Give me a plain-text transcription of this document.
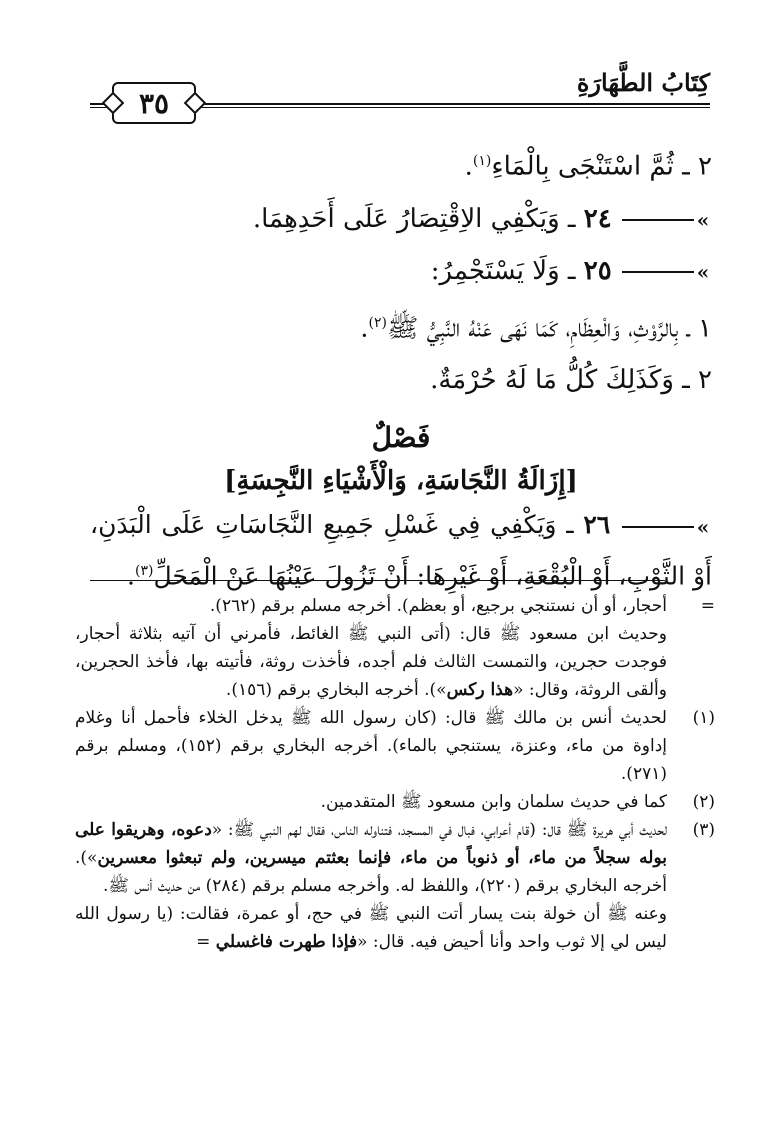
كِتَابُ الطَّهَارَةِ
٣٥
٢ ـ ثُمَّ اسْتَنْجَى بِالْمَاءِ$^{(١)}$.
»
٢٤ ـ وَيَكْفِي الاِقْتِصَارُ عَلَى أَحَدِهِمَا.
»
٢٥ ـ وَلَا يَسْتَجْمِرُ:
١ ـ بِالرَّوْثِ، وَالْعِظَامِ، كَمَا نَهَى عَنْهُ النَّبِيُّ ﷺ$^{(٢)}$.
٢ ـ وَكَذَلِكَ كُلُّ مَا لَهُ حُرْمَةٌ.
فَصْلٌ
[إِزَالَةُ النَّجَاسَةِ، وَالْأَشْيَاءِ النَّجِسَةِ]
»
٢٦ ـ وَيَكْفِي فِي غَسْلِ جَمِيعِ النَّجَاسَاتِ عَلَى الْبَدَنِ، أَوْ الثَّوْبِ، أَوْ الْبُقْعَةِ، أَوْ غَيْرِهَا: أَنْ تَزُولَ عَيْنُهَا عَنْ الْمَحَلِّ$^{(٣)}$.
=
أحجار، أو أن نستنجي برجيع، أو بعظم). أخرجه مسلم برقم (٢٦٢).
وحديث ابن مسعود ﷺ قال: (أتى النبي ﷺ الغائط، فأمرني أن آتيه بثلاثة أحجار، فوجدت حجرين، والتمست الثالث فلم أجده، فأخذت روثة، فأتيته بها، فأخذ الحجرين، وألقى الروثة، وقال: «هذا ركس»). أخرجه البخاري برقم (١٥٦).
(١)
لحديث أنس بن مالك ﷺ قال: (كان رسول الله ﷺ يدخل الخلاء فأحمل أنا وغلام إداوة من ماء، وعنزة، يستنجي بالماء). أخرجه البخاري برقم (١٥٢)، ومسلم برقم (٢٧١).
(٢)
كما في حديث سلمان وابن مسعود ﷺ المتقدمين.
(٣)
لحديث أبي هريرة ﷺ قال: (قام أعرابي، فبال في المسجد، فتناوله الناس، فقال لهم النبي ﷺ: «دعوه، وهريقوا على بوله سجلاً من ماء، أو ذنوباً من ماء، فإنما بعثتم ميسرين، ولم تبعثوا معسرين»). أخرجه البخاري برقم (٢٢٠)، واللفظ له. وأخرجه مسلم برقم (٢٨٤) من حديث أنس ﷺ.
وعنه ﷺ أن خولة بنت يسار أتت النبي ﷺ في حج، أو عمرة، فقالت: (يا رسول الله ليس لي إلا ثوب واحد وأنا أحيض فيه. قال: «فإذا طهرت فاغسلي =
